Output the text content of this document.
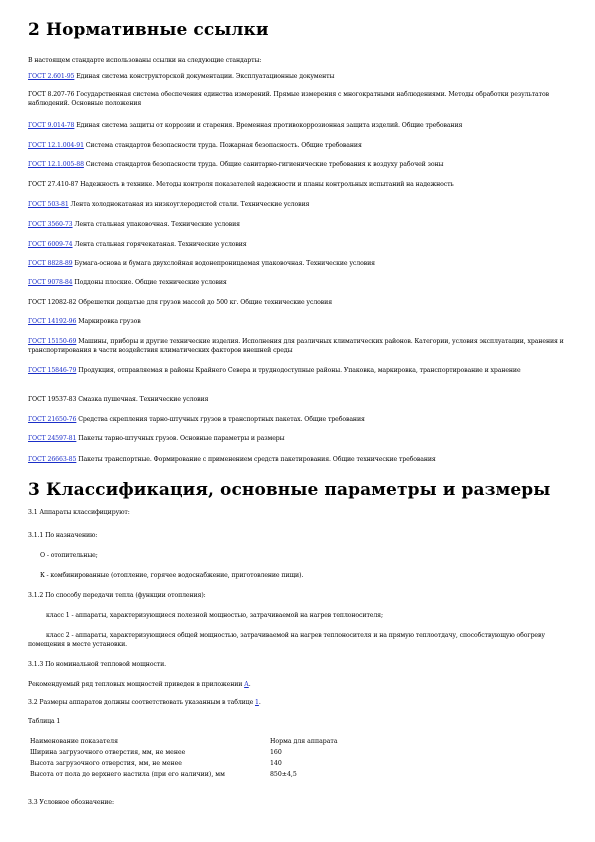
2 Нормативные ссылки
В настоящем стандарте использованы ссылки на следующие стандарты:
ГОСТ 2.601-95 Единая система конструкторской документации. Эксплуатационные документы
ГОСТ 8.207-76 Государственная система обеспечения единства измерений. Прямые измерения с многократными наблюдениями. Методы обработки результатов наблюдений. Основные положения
ГОСТ 9.014-78 Единая система защиты от коррозии и старения. Временная противокоррозионная защита изделий. Общие требования
ГОСТ 12.1.004-91 Система стандартов безопасности труда. Пожарная безопасность. Общие требования
ГОСТ 12.1.005-88 Система стандартов безопасности труда. Общие санитарно-гигиенические требования к воздуху рабочей зоны
ГОСТ 27.410-87 Надежность в технике. Методы контроля показателей надежности и планы контрольных испытаний на надежность
ГОСТ 503-81 Лента холоднокатаная из низкоуглеродистой стали. Технические условия
ГОСТ 3560-73 Лента стальная упаковочная. Технические условия
ГОСТ 6009-74 Лента стальная горячекатаная. Технические условия
ГОСТ 8828-89 Бумага-основа и бумага двухслойная водонепроницаемая упаковочная. Технические условия
ГОСТ 9078-84 Поддоны плоские. Общие технические условия
ГОСТ 12082-82 Обрешетки дощатые для грузов массой до 500 кг. Общие технические условия
ГОСТ 14192-96 Маркировка грузов
ГОСТ 15150-69 Машины, приборы и другие технические изделия. Исполнения для различных климатических районов. Категории, условия эксплуатации, хранения и транспортирования в части воздействия климатических факторов внешней среды
ГОСТ 15846-79 Продукция, отправляемая в районы Крайнего Севера и труднодоступные районы. Упаковка, маркировка, транспортирование и хранение
ГОСТ 19537-83 Смазка пушечная. Технические условия
ГОСТ 21650-76 Средства скрепления тарно-штучных грузов в транспортных пакетах. Общие требования
ГОСТ 24597-81 Пакеты тарно-штучных грузов. Основные параметры и размеры
ГОСТ 26663-85 Пакеты транспортные. Формирование с применением средств пакетирования. Общие технические требования
3 Классификация, основные параметры и размеры
3.1 Аппараты классифицируют:
3.1.1 По назначению:
О - отопительные;
К - комбинированные (отопление, горячее водоснабжение, приготовление пищи).
3.1.2 По способу передачи тепла (функции отопления):
класс 1 - аппараты, характеризующиеся полезной мощностью, затрачиваемой на нагрев теплоносителя;
класс 2 - аппараты, характеризующиеся общей мощностью, затрачиваемой на нагрев теплоносителя и на прямую теплоотдачу, способствующую обогреву помещения в месте установки.
3.1.3 По номинальной тепловой мощности.
Рекомендуемый ряд тепловых мощностей приведен в приложении А.
3.2 Размеры аппаратов должны соответствовать указанным в таблице 1.
Таблица 1
Наименование показателя	Норма для аппарата
Ширина загрузочного отверстия, мм, не менее	160
Высота загрузочного отверстия, мм, не менее	140
Высота от пола до верхнего настила (при его наличии), мм	850±4,5
3.3 Условное обозначение:
